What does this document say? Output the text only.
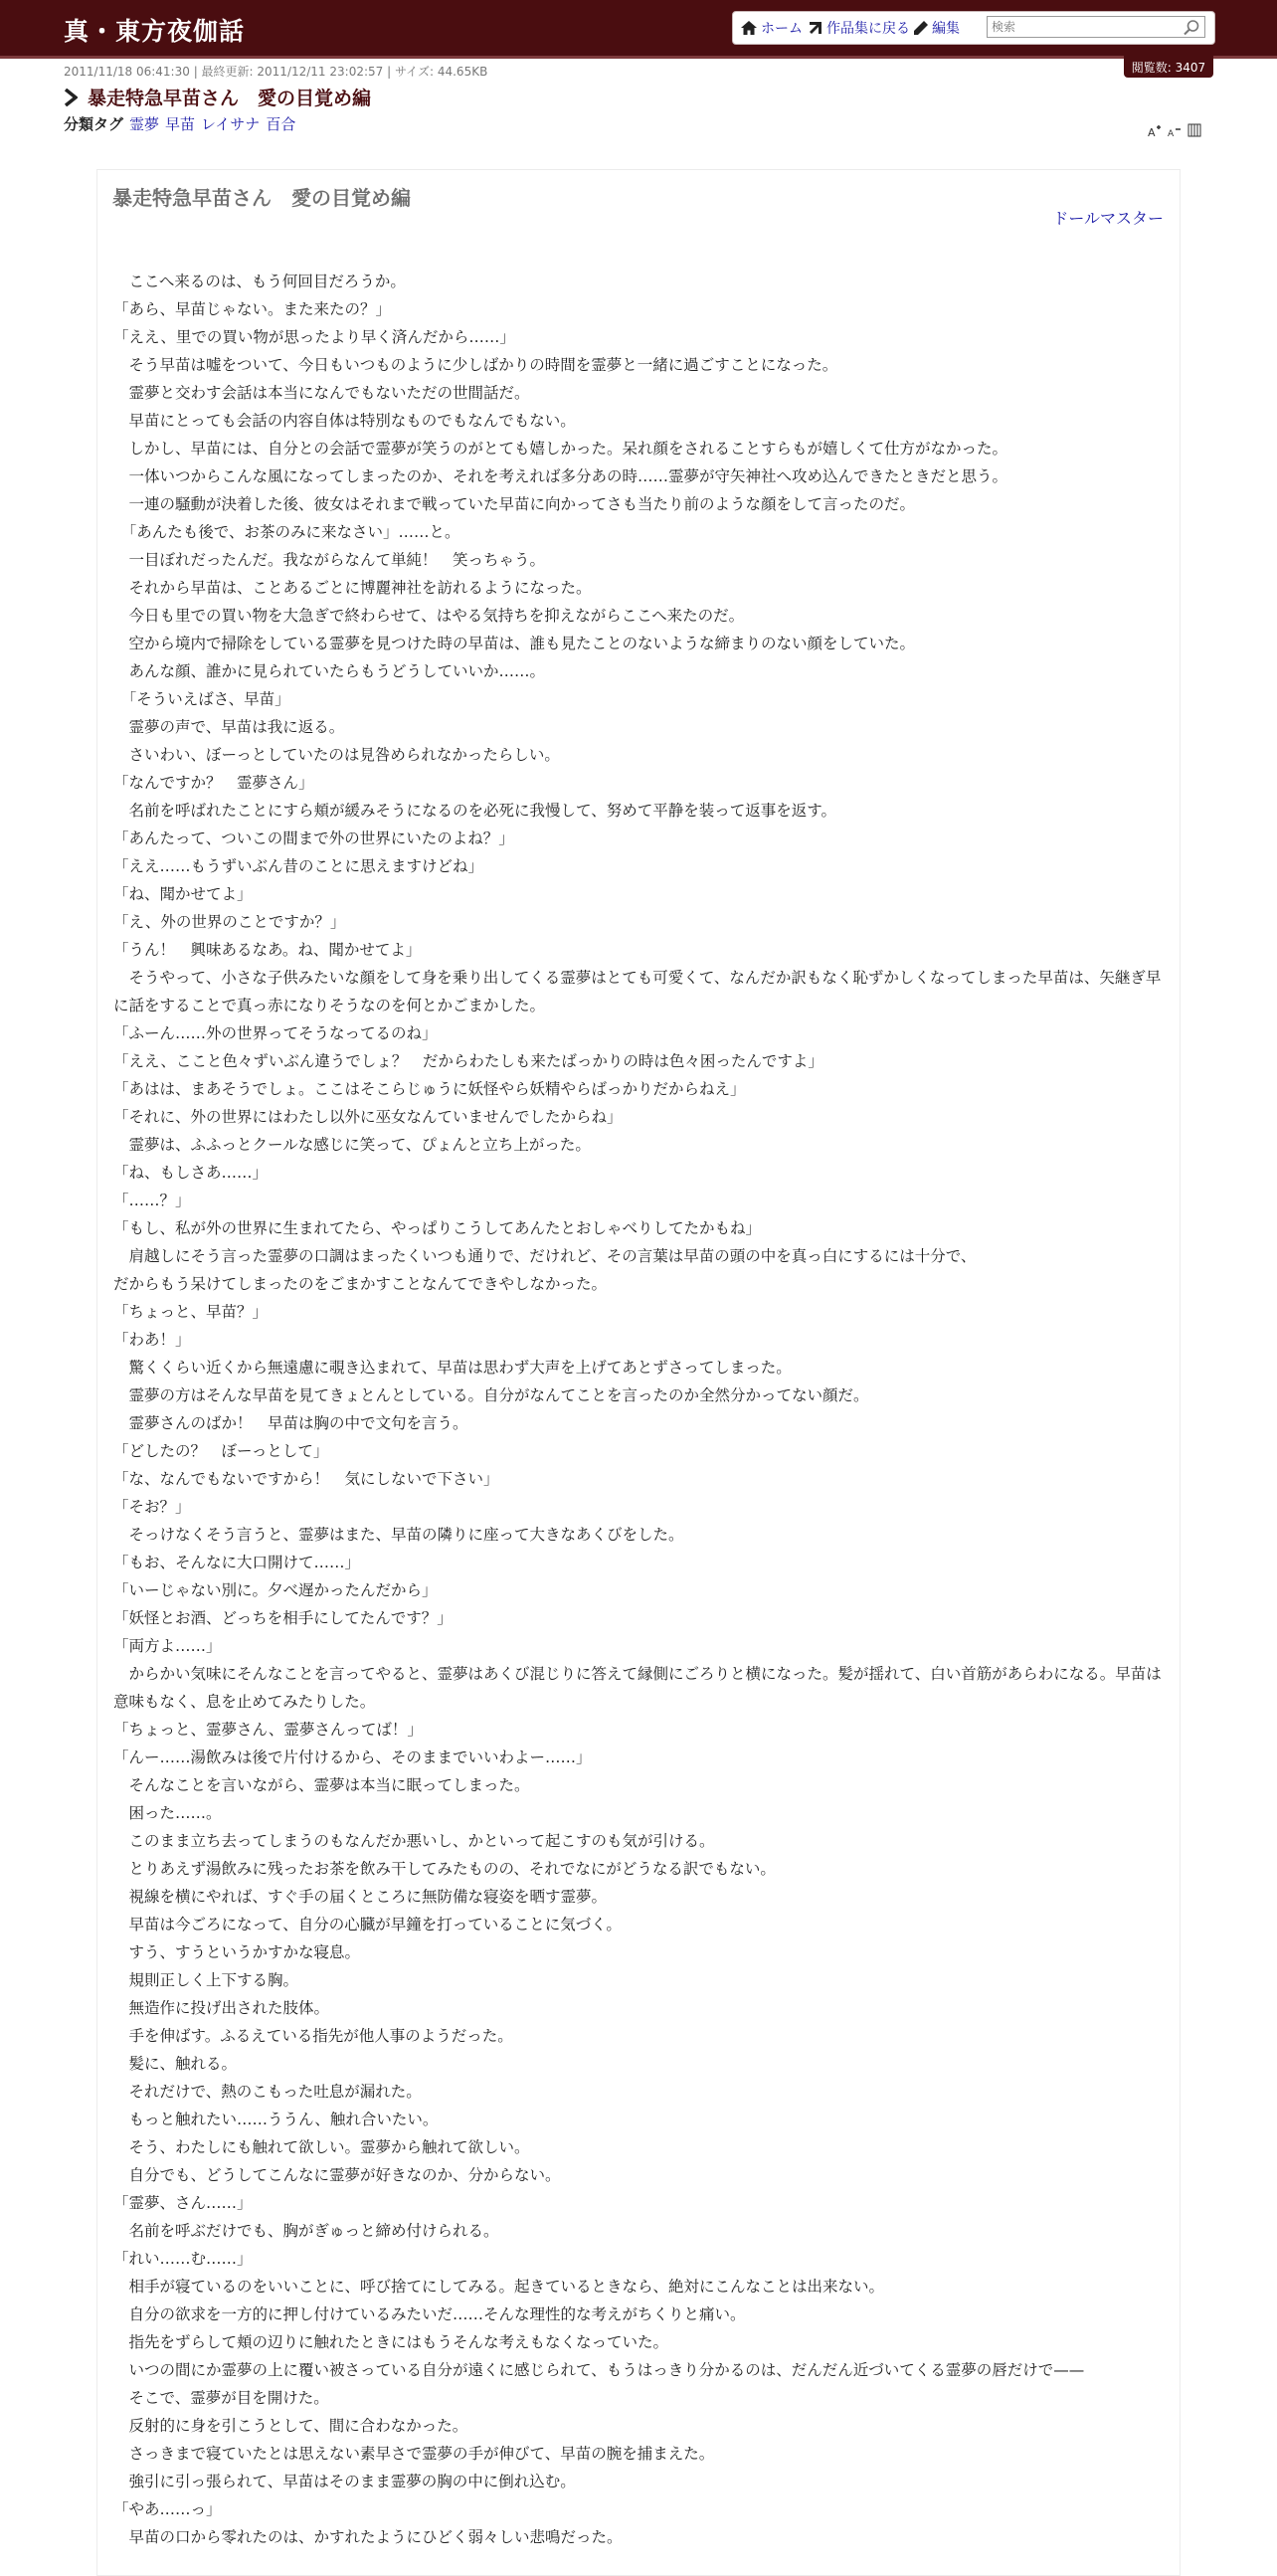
真・東方夜伽話	ホーム 作品集に戻る 編集
検索
閲覧数: 3407
2011/11/18 06:41:30 | 最終更新: 2011/12/11 23:02:57 | サイズ: 44.65KB
暴走特急早苗さん　愛の目覚め編
分類タグ 霊夢 早苗 レイサナ 百合	A A
暴走特急早苗さん　愛の目覚め編
ドールマスター

　ここへ来るのは、もう何回目だろうか。

「あら、早苗じゃない。また来たの？」

「ええ、里での買い物が思ったより早く済んだから……」

　そう早苗は嘘をついて、今日もいつものように少しばかりの時間を霊夢と一緒に過ごすことになった。

　霊夢と交わす会話は本当になんでもないただの世間話だ。

　早苗にとっても会話の内容自体は特別なものでもなんでもない。

　しかし、早苗には、自分との会話で霊夢が笑うのがとても嬉しかった。呆れ顔をされることすらもが嬉しくて仕方がなかった。

　一体いつからこんな風になってしまったのか、それを考えれば多分あの時……霊夢が守矢神社へ攻め込んできたときだと思う。

　一連の騒動が決着した後、彼女はそれまで戦っていた早苗に向かってさも当たり前のような顔をして言ったのだ。

　「あんたも後で、お茶のみに来なさい」……と。

　一目ぼれだったんだ。我ながらなんて単純！　笑っちゃう。

　それから早苗は、ことあるごとに博麗神社を訪れるようになった。

　今日も里での買い物を大急ぎで終わらせて、はやる気持ちを抑えながらここへ来たのだ。

　空から境内で掃除をしている霊夢を見つけた時の早苗は、誰も見たことのないような締まりのない顔をしていた。

　あんな顔、誰かに見られていたらもうどうしていいか……。

　「そういえばさ、早苗」

　霊夢の声で、早苗は我に返る。

　さいわい、ぼーっとしていたのは見咎められなかったらしい。

「なんですか？　霊夢さん」

　名前を呼ばれたことにすら頬が緩みそうになるのを必死に我慢して、努めて平静を装って返事を返す。

「あんたって、ついこの間まで外の世界にいたのよね？」

「ええ……もうずいぶん昔のことに思えますけどね」

「ね、聞かせてよ」

「え、外の世界のことですか？」

「うん！　興味あるなあ。ね、聞かせてよ」

　そうやって、小さな子供みたいな顔をして身を乗り出してくる霊夢はとても可愛くて、なんだか訳もなく恥ずかしくなってしまった早苗は、矢継ぎ早に話をすることで真っ赤になりそうなのを何とかごまかした。

「ふーん……外の世界ってそうなってるのね」

「ええ、ここと色々ずいぶん違うでしょ？　だからわたしも来たばっかりの時は色々困ったんですよ」

「あはは、まあそうでしょ。ここはそこらじゅうに妖怪やら妖精やらばっかりだからねえ」

「それに、外の世界にはわたし以外に巫女なんていませんでしたからね」

　霊夢は、ふふっとクールな感じに笑って、ぴょんと立ち上がった。

「ね、もしさあ……」

「……？」

「もし、私が外の世界に生まれてたら、やっぱりこうしてあんたとおしゃべりしてたかもね」

　肩越しにそう言った霊夢の口調はまったくいつも通りで、だけれど、その言葉は早苗の頭の中を真っ白にするには十分で、
だからもう呆けてしまったのをごまかすことなんてできやしなかった。

「ちょっと、早苗？」

「わあ！」

　驚くくらい近くから無遠慮に覗き込まれて、早苗は思わず大声を上げてあとずさってしまった。

　霊夢の方はそんな早苗を見てきょとんとしている。自分がなんてことを言ったのか全然分かってない顔だ。

　霊夢さんのばか！　早苗は胸の中で文句を言う。

「どしたの？　ぼーっとして」

「な、なんでもないですから！　気にしないで下さい」

「そお？」

　そっけなくそう言うと、霊夢はまた、早苗の隣りに座って大きなあくびをした。

「もお、そんなに大口開けて……」

「いーじゃない別に。夕べ遅かったんだから」

「妖怪とお酒、どっちを相手にしてたんです？」

「両方よ……」

　からかい気味にそんなことを言ってやると、霊夢はあくび混じりに答えて縁側にごろりと横になった。髪が揺れて、白い首筋があらわになる。早苗は意味もなく、息を止めてみたりした。

「ちょっと、霊夢さん、霊夢さんってば！」

「んー……湯飲みは後で片付けるから、そのままでいいわよー……」

　そんなことを言いながら、霊夢は本当に眠ってしまった。

　困った……。

　このまま立ち去ってしまうのもなんだか悪いし、かといって起こすのも気が引ける。

　とりあえず湯飲みに残ったお茶を飲み干してみたものの、それでなにがどうなる訳でもない。

　視線を横にやれば、すぐ手の届くところに無防備な寝姿を晒す霊夢。

　早苗は今ごろになって、自分の心臓が早鐘を打っていることに気づく。

　すう、すうというかすかな寝息。

　規則正しく上下する胸。

　無造作に投げ出された肢体。

　手を伸ばす。ふるえている指先が他人事のようだった。

　髪に、触れる。

　それだけで、熱のこもった吐息が漏れた。

　もっと触れたい……ううん、触れ合いたい。

　そう、わたしにも触れて欲しい。霊夢から触れて欲しい。

　自分でも、どうしてこんなに霊夢が好きなのか、分からない。

「霊夢、さん……」

　名前を呼ぶだけでも、胸がぎゅっと締め付けられる。

「れい……む……」

　相手が寝ているのをいいことに、呼び捨てにしてみる。起きているときなら、絶対にこんなことは出来ない。

　自分の欲求を一方的に押し付けているみたいだ……そんな理性的な考えがちくりと痛い。

　指先をずらして頬の辺りに触れたときにはもうそんな考えもなくなっていた。

　いつの間にか霊夢の上に覆い被さっている自分が遠くに感じられて、もうはっきり分かるのは、だんだん近づいてくる霊夢の唇だけで——

　そこで、霊夢が目を開けた。

　反射的に身を引こうとして、間に合わなかった。

　さっきまで寝ていたとは思えない素早さで霊夢の手が伸びて、早苗の腕を捕まえた。

　強引に引っ張られて、早苗はそのまま霊夢の胸の中に倒れ込む。

「やあ……っ」

　早苗の口から零れたのは、かすれたようにひどく弱々しい悲鳴だった。
